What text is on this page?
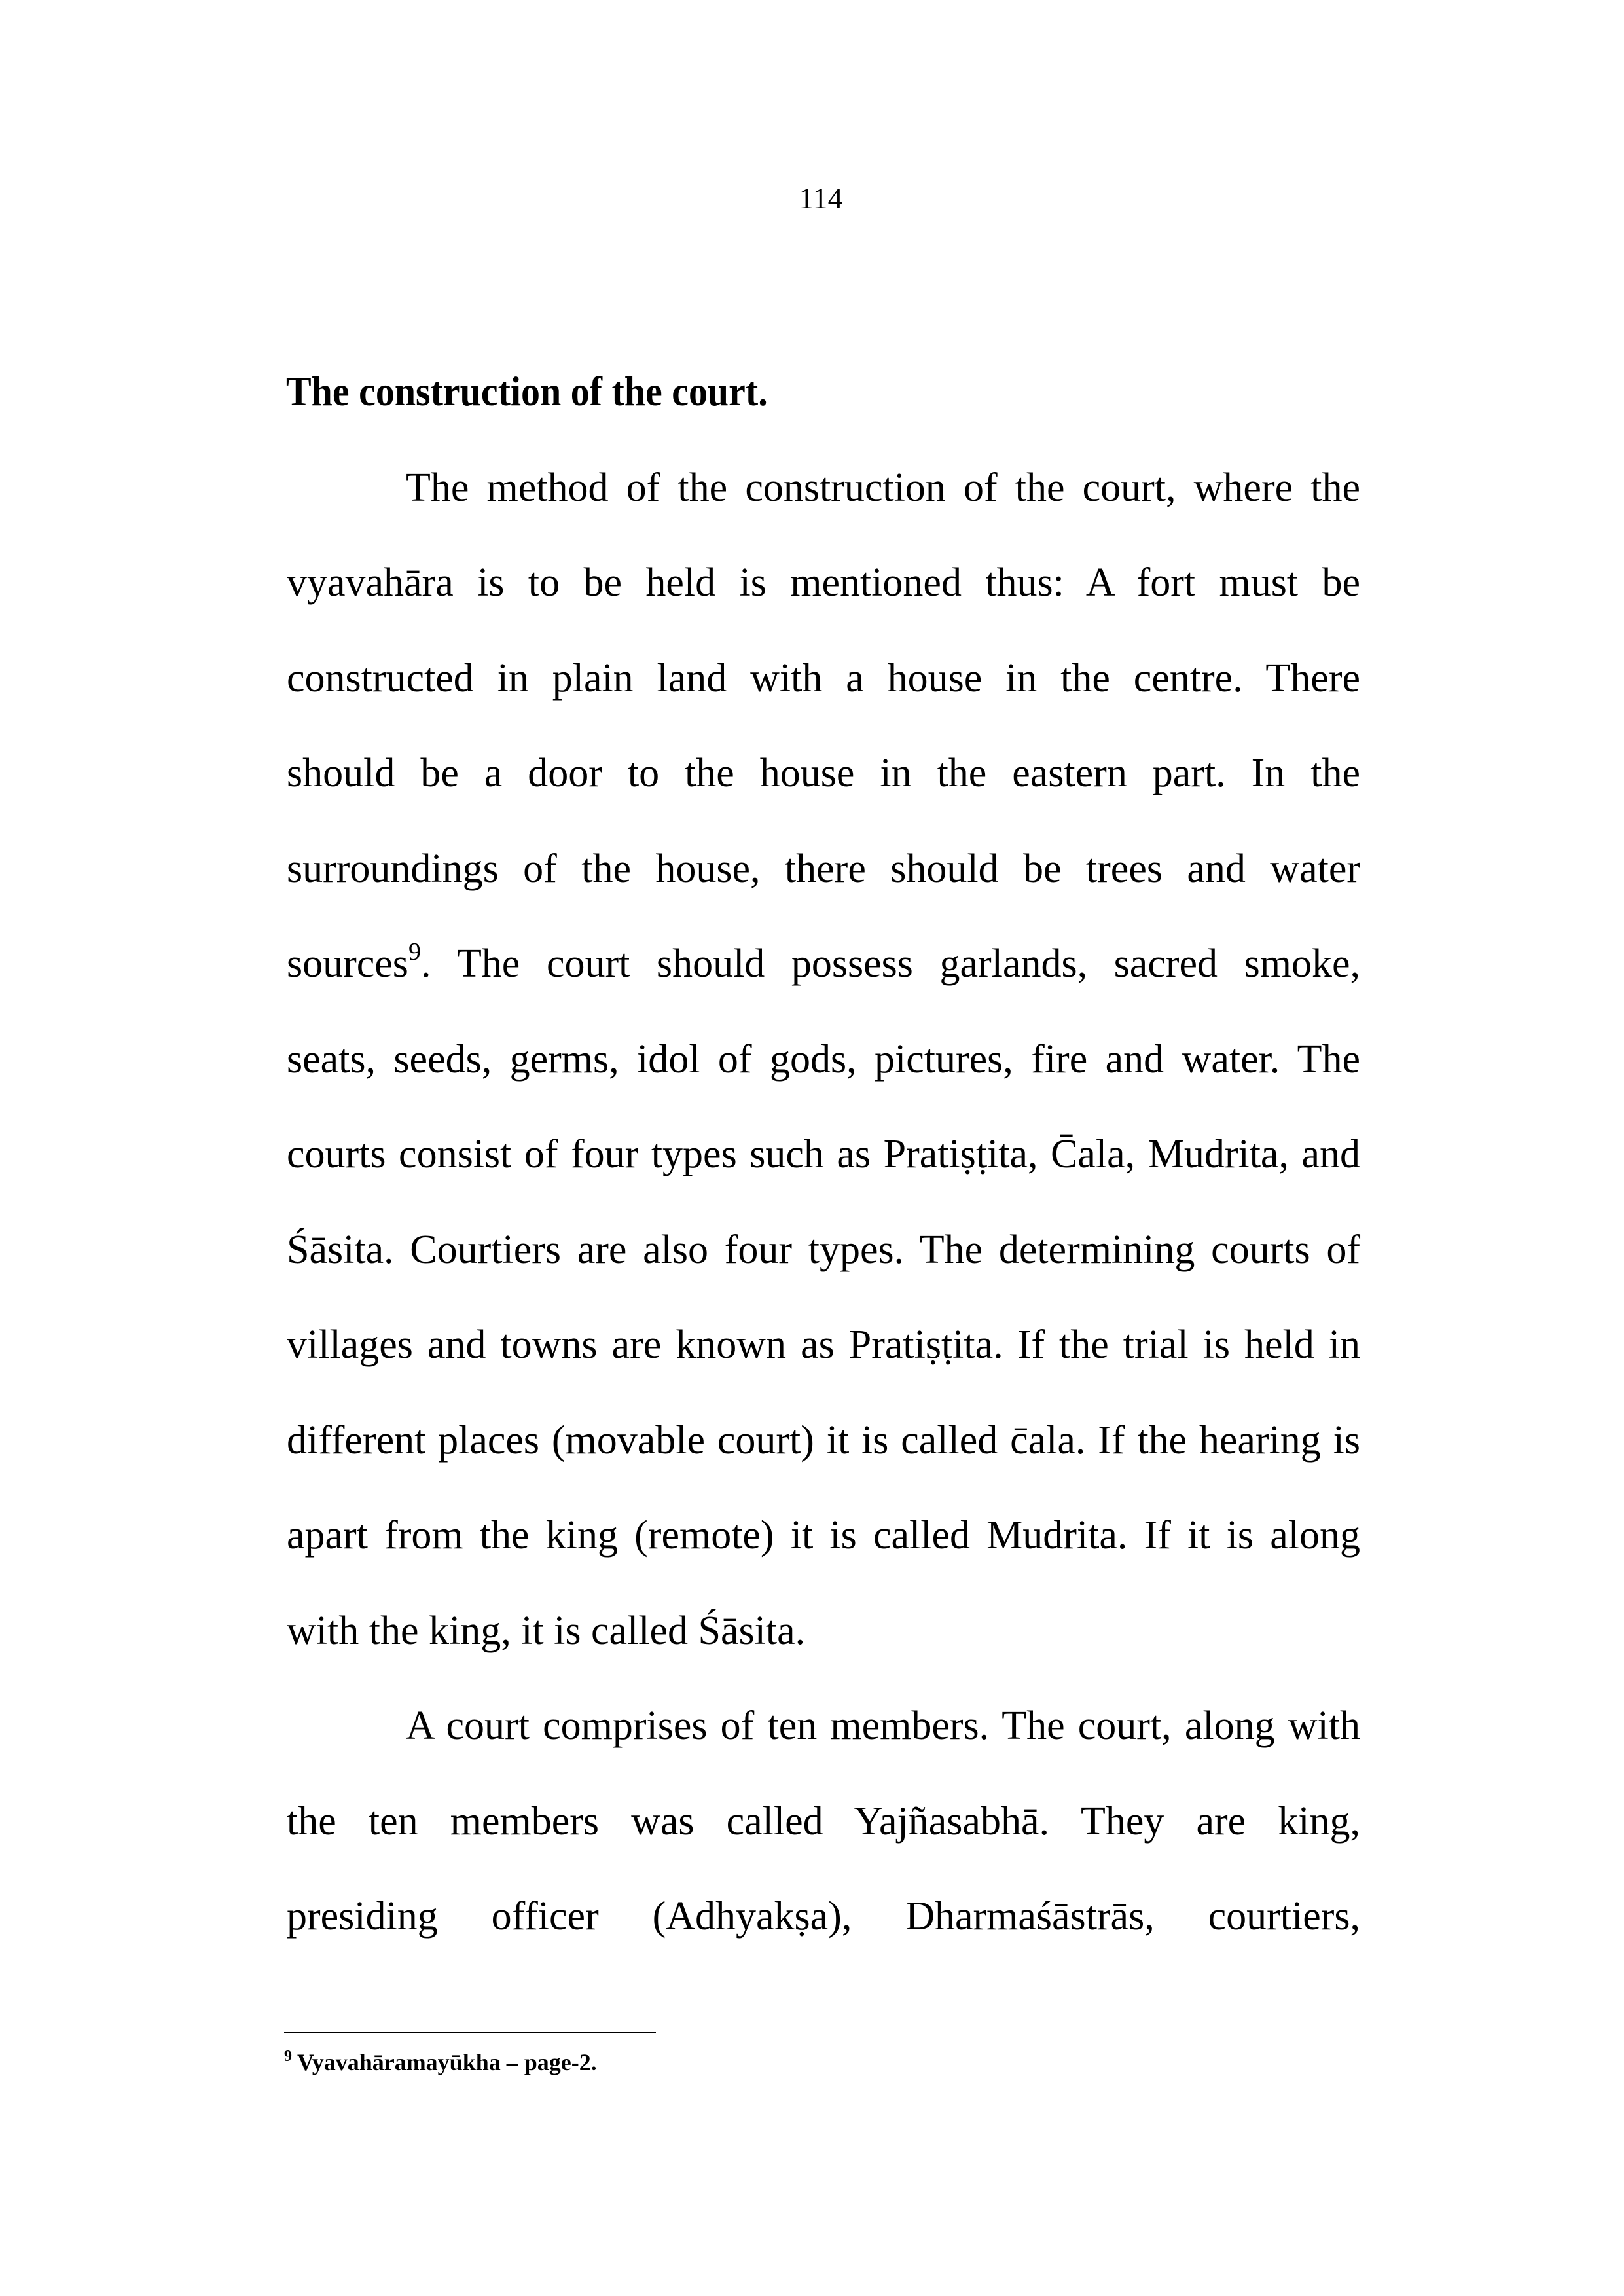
114
The construction of the court.
The method of the construction of the court, where the
vyavahāra is to be held is mentioned thus: A fort must be
constructed in plain land with a house in the centre. There
should be a door to the house in the eastern part. In the
surroundings of the house, there should be trees and water
sources$^9$. The court should possess garlands, sacred smoke,
seats, seeds, germs, idol of gods, pictures, fire and water. The
courts consist of four types such as Pratiṣṭita, C̄ala, Mudrita, and
Śāsita. Courtiers are also four types. The determining courts of
villages and towns are known as Pratiṣṭita. If the trial is held in
different places (movable court) it is called c̄ala. If the hearing is
apart from the king (remote) it is called Mudrita. If it is along
with the king, it is called Śāsita.
A court comprises of ten members. The court, along with
the ten members was called Yajñasabhā. They are king,
presiding officer (Adhyakṣa), Dharmaśāstrās, courtiers,
$^9$ Vyavahāramayūkha – page-2.
